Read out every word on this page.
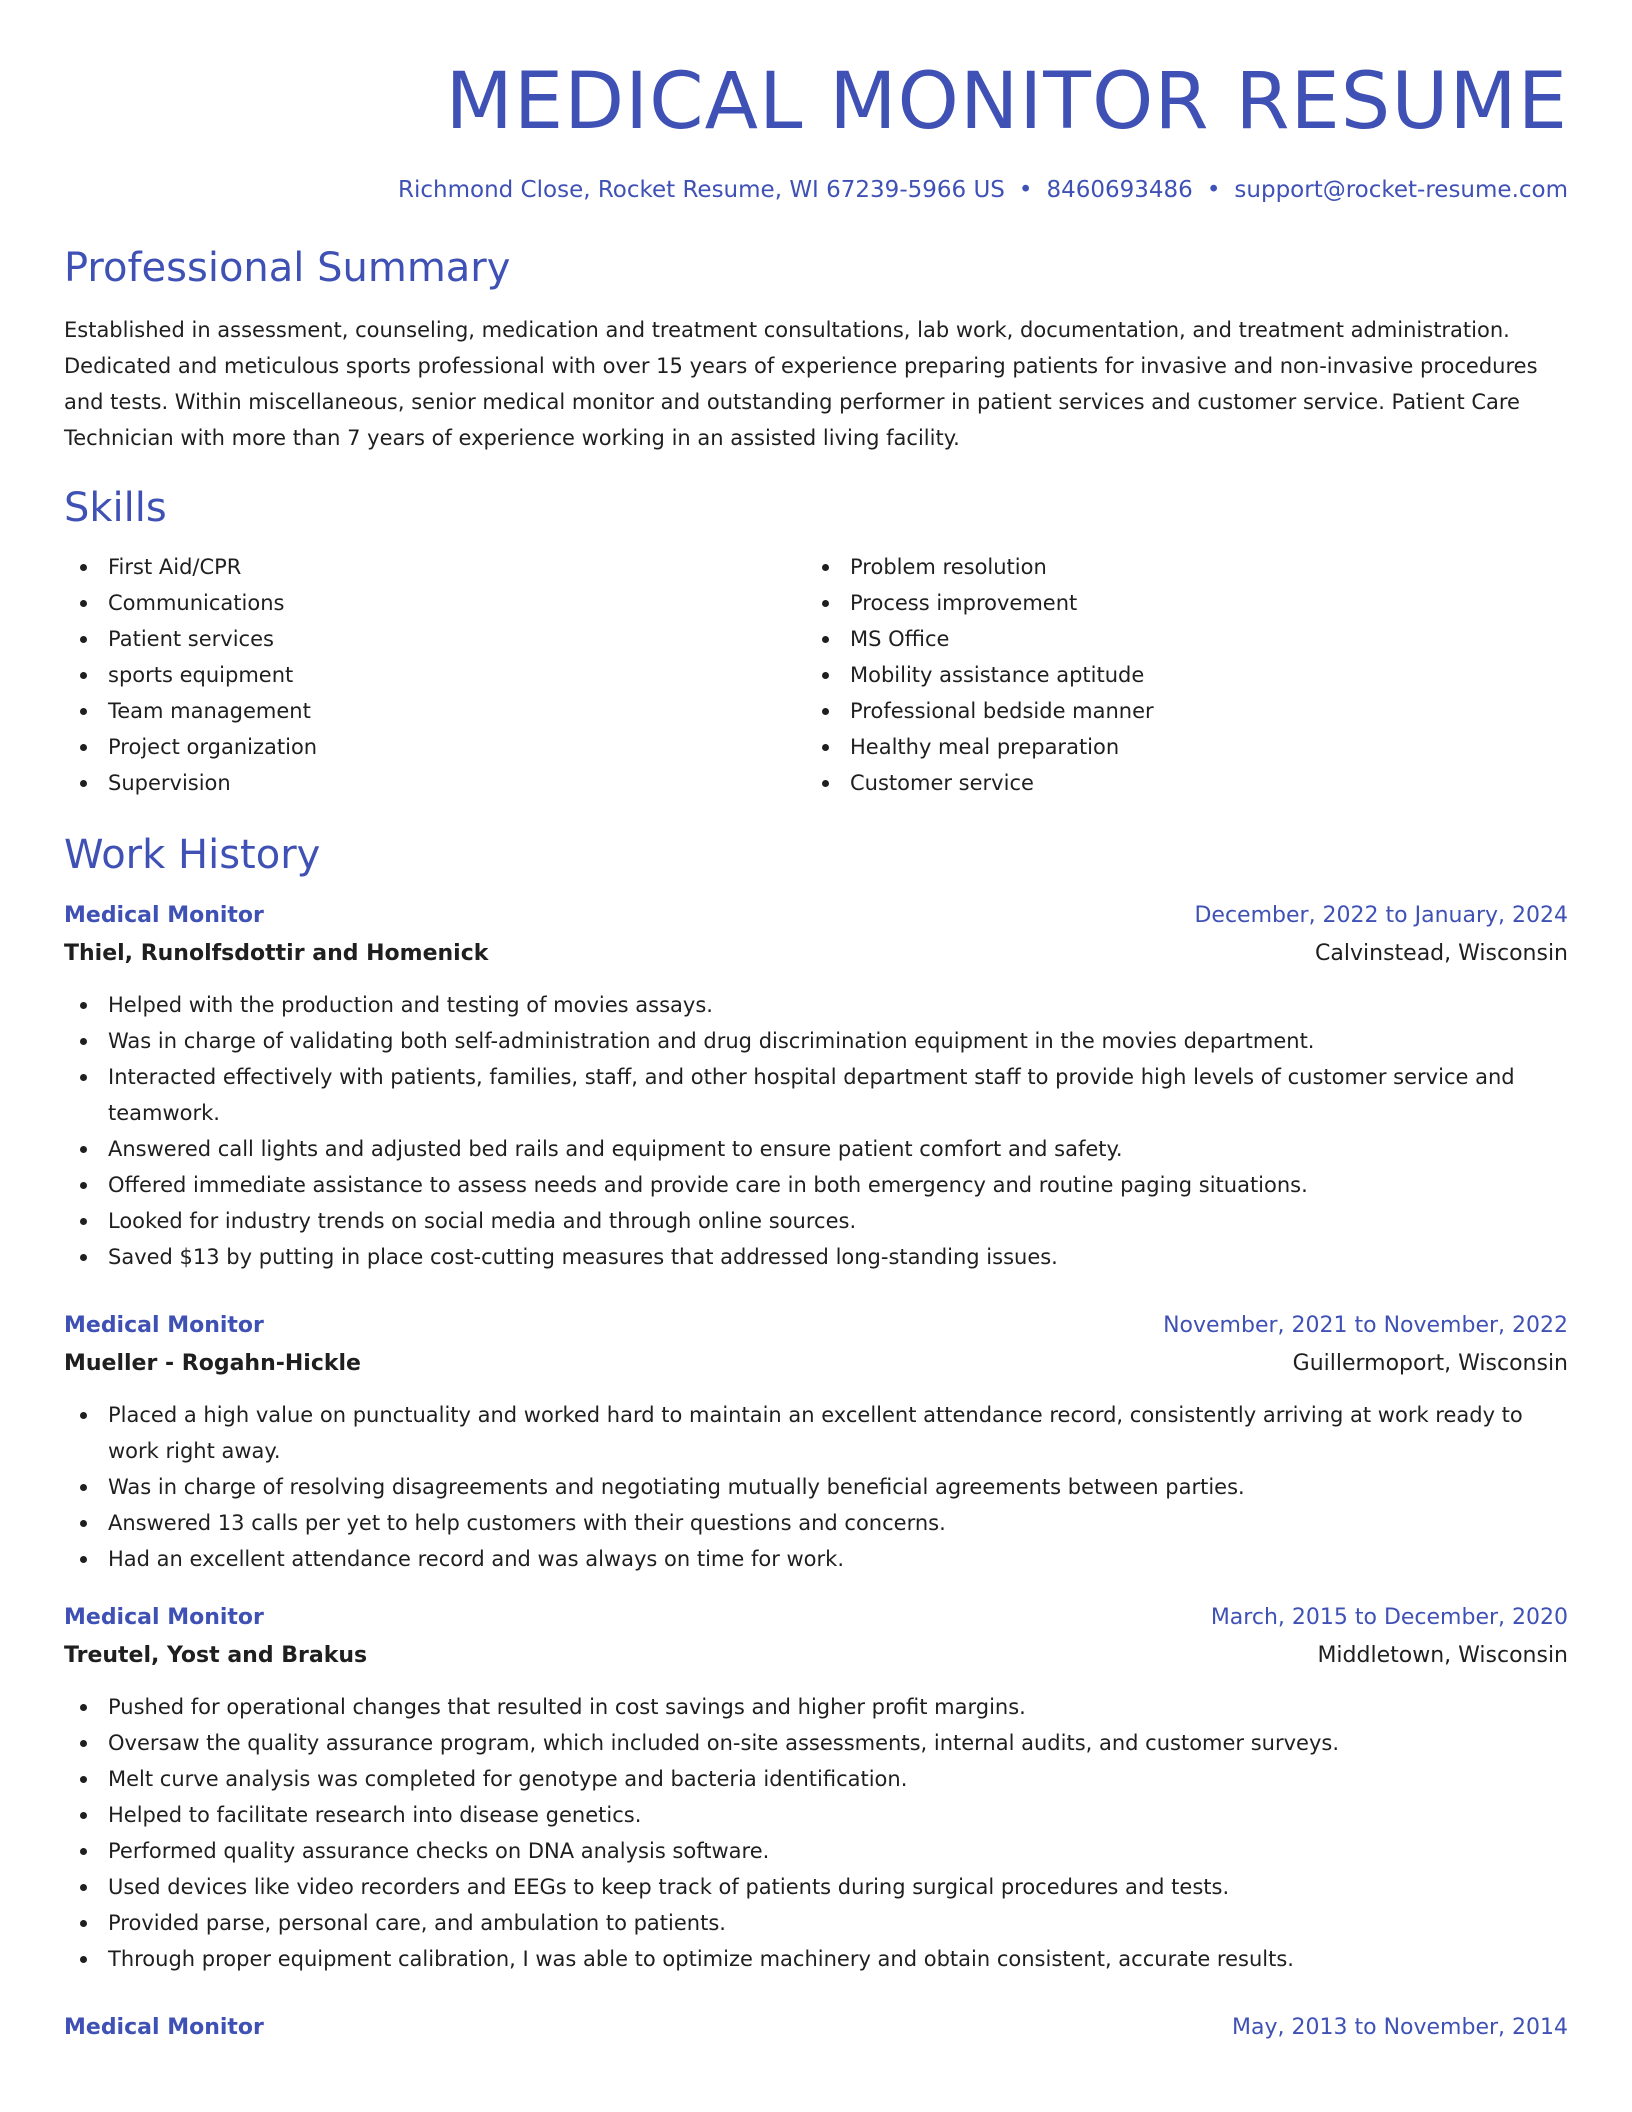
MEDICAL MONITOR RESUME
Richmond Close, Rocket Resume, WI 67239-5966 US • 8460693486 • support@rocket-resume.com
Professional Summary

Established in assessment, counseling, medication and treatment consultations, lab work, documentation, and treatment administration. Dedicated and meticulous sports professional with over 15 years of experience preparing patients for invasive and non-invasive procedures and tests. Within miscellaneous, senior medical monitor and outstanding performer in patient services and customer service. Patient Care Technician with more than 7 years of experience working in an assisted living facility.

Skills
First Aid/CPR
Communications
Patient services
sports equipment
Team management
Project organization
Supervision
Problem resolution
Process improvement
MS Office
Mobility assistance aptitude
Professional bedside manner
Healthy meal preparation
Customer service
Work History
Medical Monitor	December, 2022 to January, 2024
Thiel, Runolfsdottir and Homenick	Calvinstead, Wisconsin
Helped with the production and testing of movies assays.
Was in charge of validating both self-administration and drug discrimination equipment in the movies department.
Interacted effectively with patients, families, staff, and other hospital department staff to provide high levels of customer service and teamwork.
Answered call lights and adjusted bed rails and equipment to ensure patient comfort and safety.
Offered immediate assistance to assess needs and provide care in both emergency and routine paging situations.
Looked for industry trends on social media and through online sources.
Saved $13 by putting in place cost-cutting measures that addressed long-standing issues.
Medical Monitor	November, 2021 to November, 2022
Mueller - Rogahn-Hickle	Guillermoport, Wisconsin
Placed a high value on punctuality and worked hard to maintain an excellent attendance record, consistently arriving at work ready to work right away.
Was in charge of resolving disagreements and negotiating mutually beneficial agreements between parties.
Answered 13 calls per yet to help customers with their questions and concerns.
Had an excellent attendance record and was always on time for work.
Medical Monitor	March, 2015 to December, 2020
Treutel, Yost and Brakus	Middletown, Wisconsin
Pushed for operational changes that resulted in cost savings and higher profit margins.
Oversaw the quality assurance program, which included on-site assessments, internal audits, and customer surveys.
Melt curve analysis was completed for genotype and bacteria identification.
Helped to facilitate research into disease genetics.
Performed quality assurance checks on DNA analysis software.
Used devices like video recorders and EEGs to keep track of patients during surgical procedures and tests.
Provided parse, personal care, and ambulation to patients.
Through proper equipment calibration, I was able to optimize machinery and obtain consistent, accurate results.
Medical Monitor	May, 2013 to November, 2014
